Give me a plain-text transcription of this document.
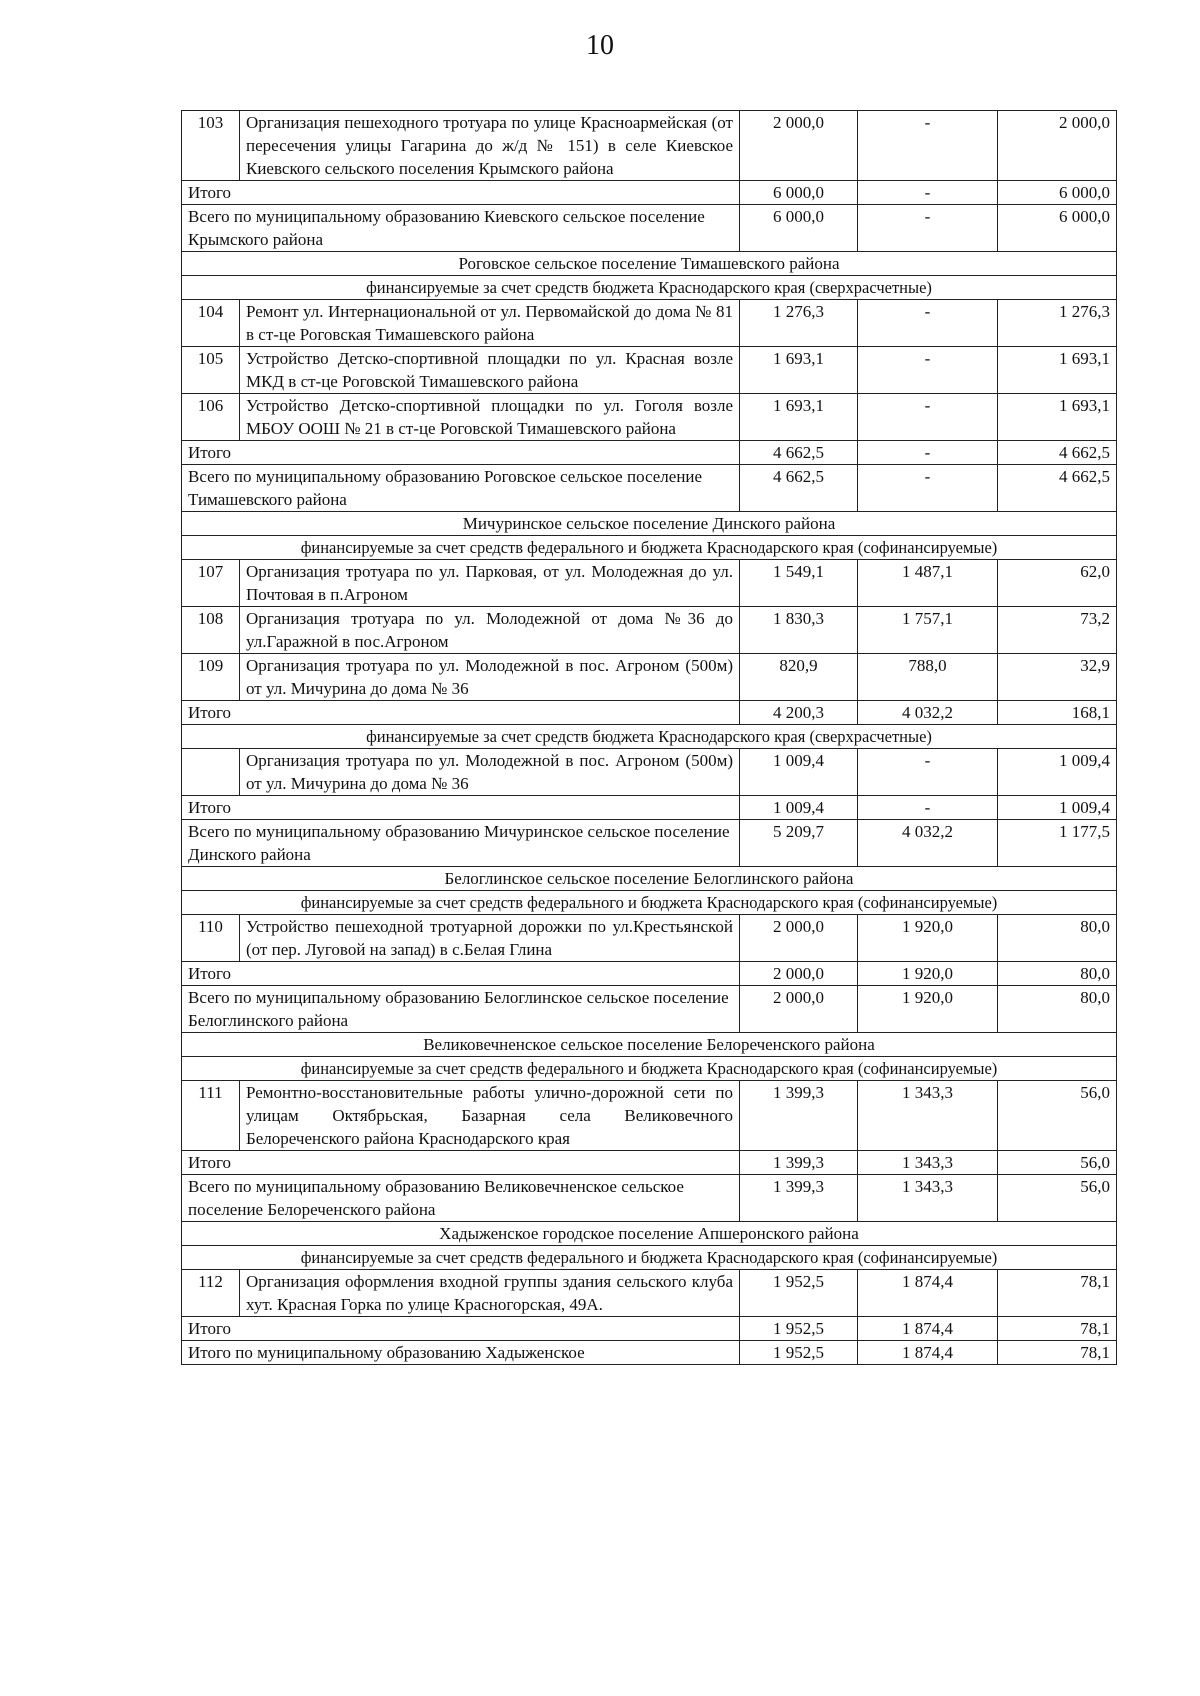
10
103	Организация пешеходного тротуара по улице Красноармейская (от пересечения улицы Гагарина до ж/д № 151) в селе Киевское Киевского сельского поселения Крымского района	2 000,0	-	2 000,0
Итого		6 000,0	-	6 000,0
Всего по муниципальному образованию Киевского сельское поселение Крымского района		6 000,0	-	6 000,0
Роговское сельское поселение Тимашевского района				
финансируемые за счет средств бюджета Краснодарского края (сверхрасчетные)				
104	Ремонт ул. Интернациональной от ул. Первомайской до дома № 81 в ст-це Роговская Тимашевского района	1 276,3	-	1 276,3
105	Устройство Детско-спортивной площадки по ул. Красная возле МКД в ст-це Роговской Тимашевского района	1 693,1	-	1 693,1
106	Устройство Детско-спортивной площадки по ул. Гоголя возле МБОУ ООШ № 21 в ст-це Роговской Тимашевского района	1 693,1	-	1 693,1
Итого		4 662,5	-	4 662,5
Всего по муниципальному образованию Роговское сельское поселение Тимашевского района		4 662,5	-	4 662,5
Мичуринское сельское поселение Динского района				
финансируемые за счет средств федерального и бюджета Краснодарского края (софинансируемые)				
107	Организация тротуара по ул. Парковая, от ул. Молодежная до ул. Почтовая в п.Агроном	1 549,1	1 487,1	62,0
108	Организация тротуара по ул. Молодежной от дома №36 до ул.Гаражной в пос.Агроном	1 830,3	1 757,1	73,2
109	Организация тротуара по ул. Молодежной в пос. Агроном (500м) от ул. Мичурина до дома № 36	820,9	788,0	32,9
Итого		4 200,3	4 032,2	168,1
финансируемые за счет средств бюджета Краснодарского края (сверхрасчетные)				
	Организация тротуара по ул. Молодежной в пос. Агроном (500м) от ул. Мичурина до дома № 36	1 009,4	-	1 009,4
Итого		1 009,4	-	1 009,4
Всего по муниципальному образованию Мичуринское сельское поселение Динского района		5 209,7	4 032,2	1 177,5
Белоглинское сельское поселение Белоглинского района				
финансируемые за счет средств федерального и бюджета Краснодарского края (софинансируемые)				
110	Устройство пешеходной тротуарной дорожки по ул.Крестьянской (от пер. Луговой на запад) в с.Белая Глина	2 000,0	1 920,0	80,0
Итого		2 000,0	1 920,0	80,0
Всего по муниципальному образованию Белоглинское сельское поселение Белоглинского района		2 000,0	1 920,0	80,0
Великовечненское сельское поселение Белореченского района				
финансируемые за счет средств федерального и бюджета Краснодарского края (софинансируемые)				
111	Ремонтно-восстановительные работы улично-дорожной сети по улицам Октябрьская, Базарная села Великовечного Белореченского района Краснодарского края	1 399,3	1 343,3	56,0
Итого		1 399,3	1 343,3	56,0
Всего по муниципальному образованию Великовечненское сельское поселение Белореченского района		1 399,3	1 343,3	56,0
Хадыженское городское поселение Апшеронского района				
финансируемые за счет средств федерального и бюджета Краснодарского края (софинансируемые)				
112	Организация оформления входной группы здания сельского клуба хут. Красная Горка по улице Красногорская, 49А.	1 952,5	1 874,4	78,1
Итого		1 952,5	1 874,4	78,1
Итого по муниципальному образованию Хадыженское		1 952,5	1 874,4	78,1
